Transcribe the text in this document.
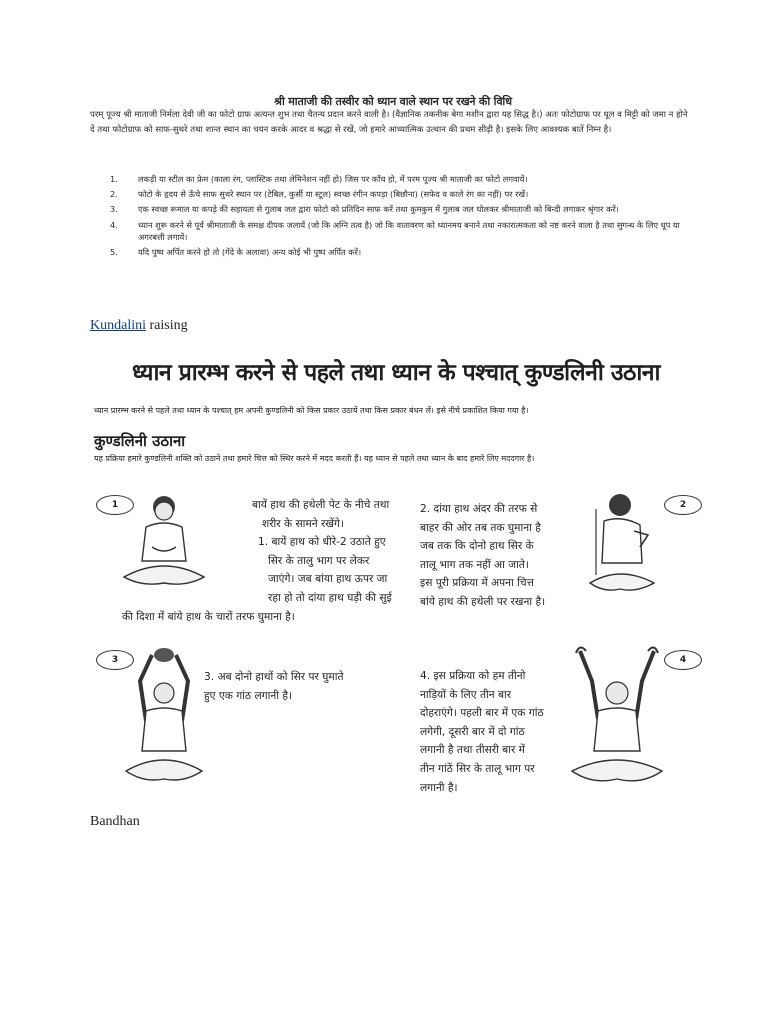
श्री माताजी की तस्वीर को ध्यान वाले स्थान पर रखने की विधि
परम् पूज्य श्री माताजी निर्मला देवी जी का फोटो ग्राफ अत्यन्त शुभ तथा चैतन्य प्रदान करने वाली है। (वैज्ञानिक तकनीक बेगा मशीन द्वारा यह सिद्ध है।) अतः फोटोग्राफ पर धूल व मिट्टी को जमा न होने दें तथा फोटोग्राफ को साफ-सुथरे तथा शान्त स्थान का चयन करके आदर व श्रद्धा से रखें, जो हमारे आध्यात्मिक उत्थान की प्रथम सीढ़ी है। इसके लिए आवश्यक बातें निम्न है।
1. लकड़ी या स्टील का फ्रेम (काला रंग, प्लास्टिक तथा लेमिनेशन नहीं हो) जिस पर काँच हो, में परम पूज्य श्री माताजी का फोटो लगवायें।
2. फोटो के हृदय से ऊँचे साफ सुथरे स्थान पर (टेबिल, कुर्सी या स्टूल) स्वच्छ रंगीन कपड़ा (बिछौना) (सफेद व काले रंग का नहीं) पर रखें।
3. एक स्वच्छ रूमाल या कपड़े की सहायता से गुलाब जल द्वारा फोटो को प्रतिदिन साफ करें तथा कुमकुम में गुलाब जल घोलकर श्रीमाताजी को बिन्दी लगाकर श्रृंगार करें।
4. ध्यान शुरू करने से पूर्व श्रीमाताजी के समक्ष दीपक जलायें (जो कि अग्नि तत्व है) जो कि वातावरण को ध्यानमय बनाने तथा नकारात्मकता को नष्ट करने वाला है तथा सुगन्ध के लिए धूप या अगरबत्ती लगायें।
5. यदि पुष्प अर्पित करने हो तो (गेंदे के अलावा) अन्य कोई भी पुष्प अर्पित करें।
Kundalini raising
ध्यान प्रारम्भ करने से पहले तथा ध्यान के पश्चात् कुण्डलिनी उठाना
ध्यान प्रारम्भ करने से पहले तथा ध्यान के पश्चात् हम अपनी कुण्डलिनी को किस प्रकार उठायें तथा किस प्रकार बंधन लें। इसे नीचे प्रकाशित किया गया है।
कुण्डलिनी उठाना
यह प्रक्रिया हमारे कुण्डलिनी शक्ति को उठाने तथा हमारे चित्त को स्थिर करने में मदद करती हैं। यह ध्यान से पहले तथा ध्यान के बाद हमारे लिए मददगार है।
1	बायें हाथ की हथेली पेट के नीचे तथा
शरीर के सामने रखेंगे।
1. बायें हाथ को धीरे-2 उठाते हुए
सिर के तालु भाग पर लेकर
जाएंगे। जब बांया हाथ ऊपर जा
रहा हो तो दांया हाथ घड़ी की सुई
की दिशा में बांये हाथ के चारों तरफ घुमाना है।
2. दांया हाथ अंदर की तरफ से
बाहर की ओर तब तक घुमाना है
जब तक कि दोनो हाथ सिर के
तालू भाग तक नहीं आ जाते।
इस पूरी प्रक्रिया में अपना चित्त
बांये हाथ की हथेली पर रखना है।
2
3
3. अब दोनो हाथों को सिर पर घुमाते
हुए एक गांठ लगानी है।
4. इस प्रक्रिया को हम तीनो
नाड़ियों के लिए तीन बार
दोहराएंगे। पहली बार में एक गांठ
लगेगी, दूसरी बार में दो गांठ
लगानी है तथा तीसरी बार में
तीन गांठें सिर के तालू भाग पर
लगानी है।
4
Bandhan
